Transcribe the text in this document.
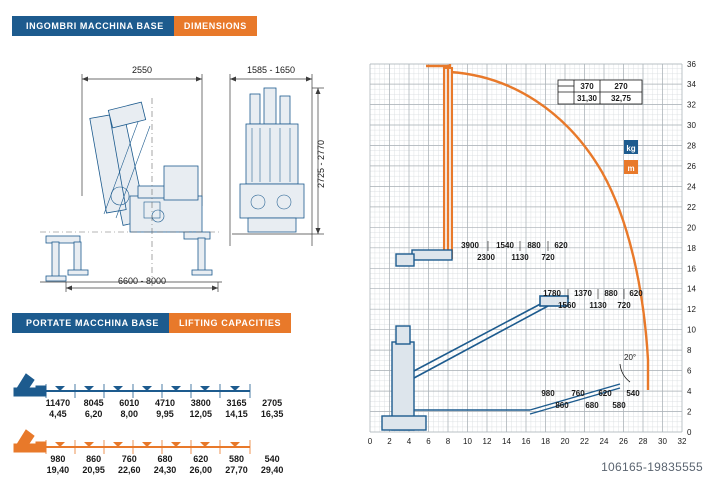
INGOMBRI MACCHINA BASE	DIMENSIONS
2550
6600 - 8000
1585 - 1650
2725 - 2770
PORTATE MACCHINA BASE	LIFTING CAPACITIES
11470	8045	6010	4710	3800	3165	2705
4,45	6,20	8,00	9,95	12,05	14,15	16,35
980	860	760	680	620	580	540
19,40	20,95	22,60	24,30	26,00	27,70	29,40
20°
0 2 4 6 8 10 12 14 16 18 20 22 24 26 28 30 32
0
2
4
6
8
10
12
14
16
18
20
22
24
26
28
30
32
34
36
3900 1540 880 620
2300 1130 720
1780 1370 880 620
1560 1130 720
980 760 620 540
860 680 580
370	270
31,30 32,75
kg
m
106165-19835555
